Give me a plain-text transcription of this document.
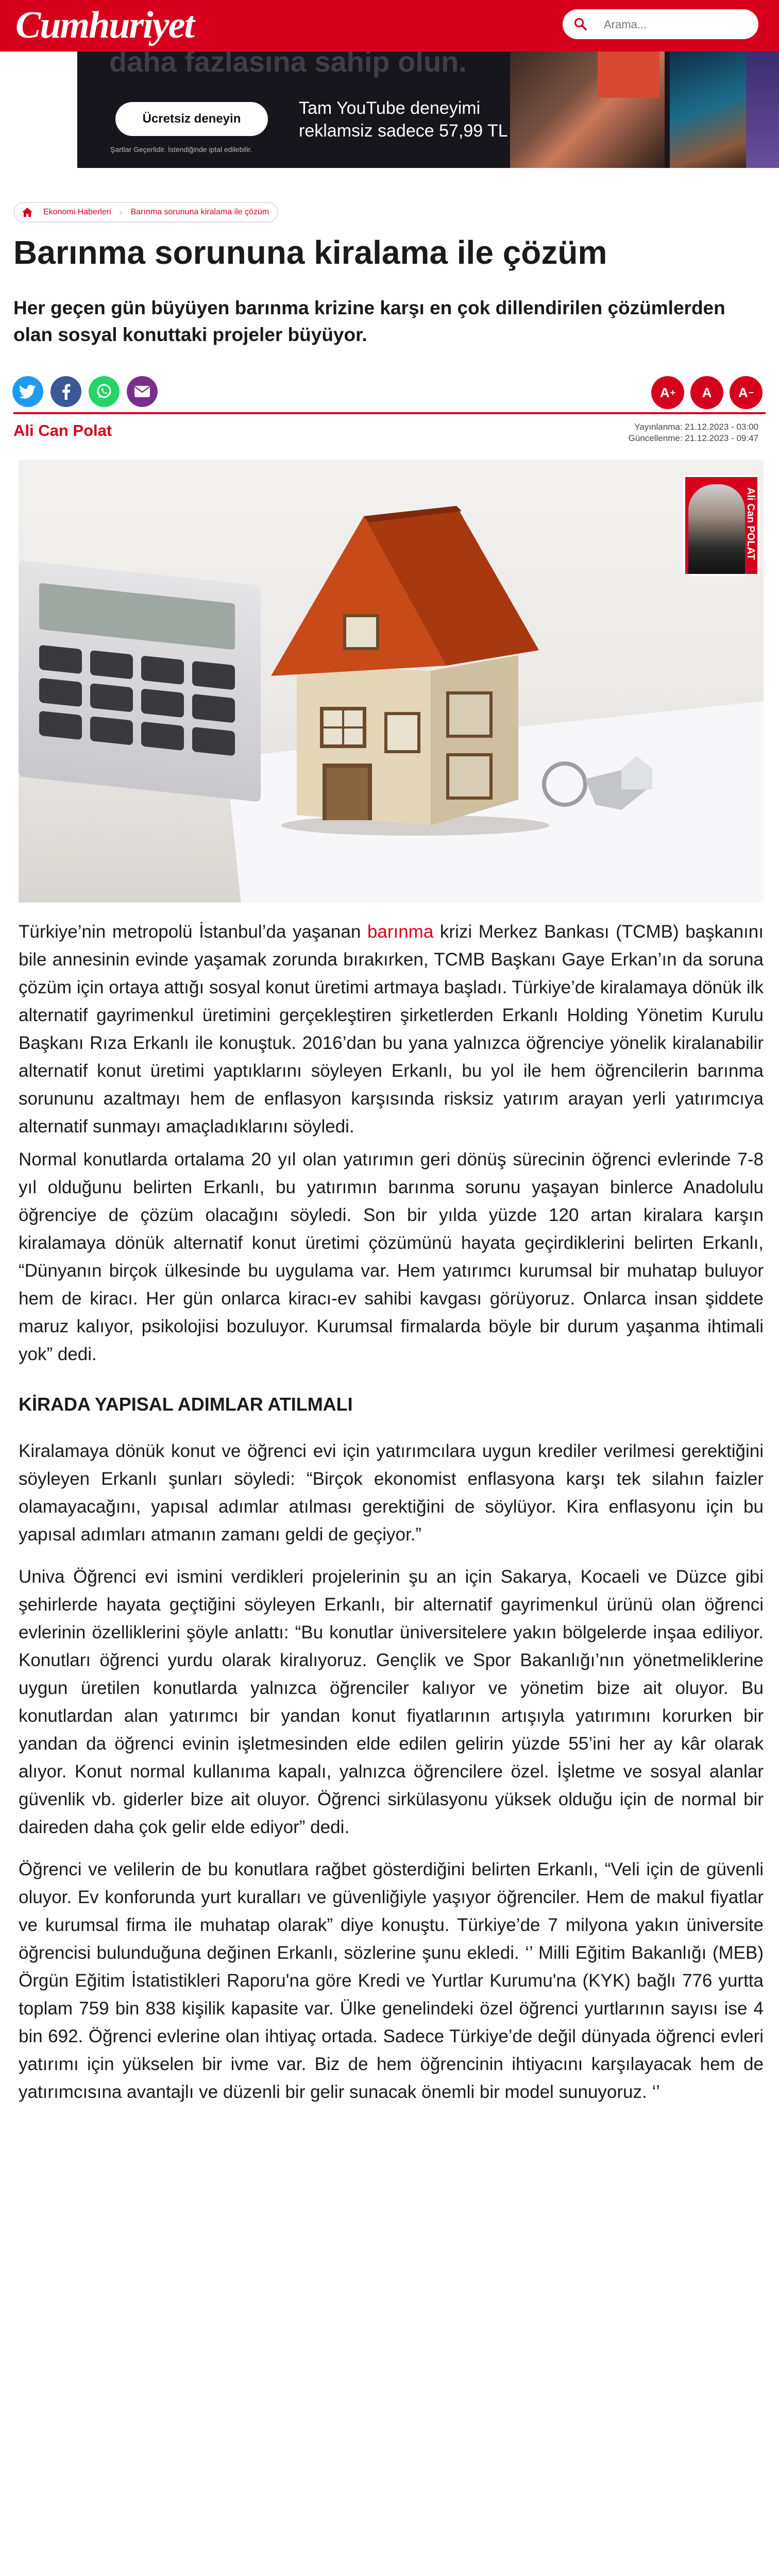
Cumhuriyet	Arama...
daha fazlasına sahip olun.
Ücretsiz deneyin
Şartlar Geçerlidir. İstendiğinde iptal edilebilir.
Tam YouTube deneyimi reklamsiz sadece 57,99 TL
Ekonomi Haberleri › Barınma sorununa kiralama ile çözüm
Barınma sorununa kiralama ile çözüm
Her geçen gün büyüyen barınma krizine karşı en çok dillendirilen çözümlerden olan sosyal konuttaki projeler büyüyor.
A + A A −
Ali Can Polat	Yayınlanma: 21.12.2023 - 03:00
Güncellenme: 21.12.2023 - 09:47
Ali Can POLAT

Türkiye’nin metropolü İstanbul’da yaşanan barınma krizi Merkez Bankası (TCMB) başkanını bile annesinin evinde yaşamak zorunda bırakırken, TCMB Başkanı Gaye Erkan’ın da soruna çözüm için ortaya attığı sosyal konut üretimi artmaya başladı. Türkiye’de kiralamaya dönük ilk alternatif gayrimenkul üretimini gerçekleştiren şirketlerden Erkanlı Holding Yönetim Kurulu Başkanı Rıza Erkanlı ile konuştuk. 2016’dan bu yana yalnızca öğrenciye yönelik kiralanabilir alternatif konut üretimi yaptıklarını söyleyen Erkanlı, bu yol ile hem öğrencilerin barınma sorununu azaltmayı hem de enflasyon karşısında risksiz yatırım arayan yerli yatırımcıya alternatif sunmayı amaçladıklarını söyledi.

Normal konutlarda ortalama 20 yıl olan yatırımın geri dönüş sürecinin öğrenci evlerinde 7-8 yıl olduğunu belirten Erkanlı, bu yatırımın barınma sorunu yaşayan binlerce Anadolulu öğrenciye de çözüm olacağını söyledi. Son bir yılda yüzde 120 artan kiralara karşın kiralamaya dönük alternatif konut üretimi çözümünü hayata geçirdiklerini belirten Erkanlı, “Dünyanın birçok ülkesinde bu uygulama var. Hem yatırımcı kurumsal bir muhatap buluyor hem de kiracı. Her gün onlarca kiracı-ev sahibi kavgası görüyoruz. Onlarca insan şiddete maruz kalıyor, psikolojisi bozuluyor. Kurumsal firmalarda böyle bir durum yaşanma ihtimali yok” dedi.

KİRADA YAPISAL ADIMLAR ATILMALI

Kiralamaya dönük konut ve öğrenci evi için yatırımcılara uygun krediler verilmesi gerektiğini söyleyen Erkanlı şunları söyledi: “Birçok ekonomist enflasyona karşı tek silahın faizler olamayacağını, yapısal adımlar atılması gerektiğini de söylüyor. Kira enflasyonu için bu yapısal adımları atmanın zamanı geldi de geçiyor.”

Univa Öğrenci evi ismini verdikleri projelerinin şu an için Sakarya, Kocaeli ve Düzce gibi şehirlerde hayata geçtiğini söyleyen Erkanlı, bir alternatif gayrimenkul ürünü olan öğrenci evlerinin özelliklerini şöyle anlattı: “Bu konutlar üniversitelere yakın bölgelerde inşaa ediliyor. Konutları öğrenci yurdu olarak kiralıyoruz. Gençlik ve Spor Bakanlığı’nın yönetmeliklerine uygun üretilen konutlarda yalnızca öğrenciler kalıyor ve yönetim bize ait oluyor. Bu konutlardan alan yatırımcı bir yandan konut fiyatlarının artışıyla yatırımını korurken bir yandan da öğrenci evinin işletmesinden elde edilen gelirin yüzde 55’ini her ay kâr olarak alıyor. Konut normal kullanıma kapalı, yalnızca öğrencilere özel. İşletme ve sosyal alanlar güvenlik vb. giderler bize ait oluyor. Öğrenci sirkülasyonu yüksek olduğu için de normal bir daireden daha çok gelir elde ediyor” dedi.

Öğrenci ve velilerin de bu konutlara rağbet gösterdiğini belirten Erkanlı, “Veli için de güvenli oluyor. Ev konforunda yurt kuralları ve güvenliğiyle yaşıyor öğrenciler. Hem de makul fiyatlar ve kurumsal firma ile muhatap olarak” diye konuştu. Türkiye’de 7 milyona yakın üniversite öğrencisi bulunduğuna değinen Erkanlı, sözlerine şunu ekledi. ‘’ Milli Eğitim Bakanlığı (MEB) Örgün Eğitim İstatistikleri Raporu'na göre Kredi ve Yurtlar Kurumu'na (KYK) bağlı 776 yurtta toplam 759 bin 838 kişilik kapasite var. Ülke genelindeki özel öğrenci yurtlarının sayısı ise 4 bin 692. Öğrenci evlerine olan ihtiyaç ortada. Sadece Türkiye’de değil dünyada öğrenci evleri yatırımı için yükselen bir ivme var. Biz de hem öğrencinin ihtiyacını karşılayacak hem de yatırımcısına avantajlı ve düzenli bir gelir sunacak önemli bir model sunuyoruz. ‘’
